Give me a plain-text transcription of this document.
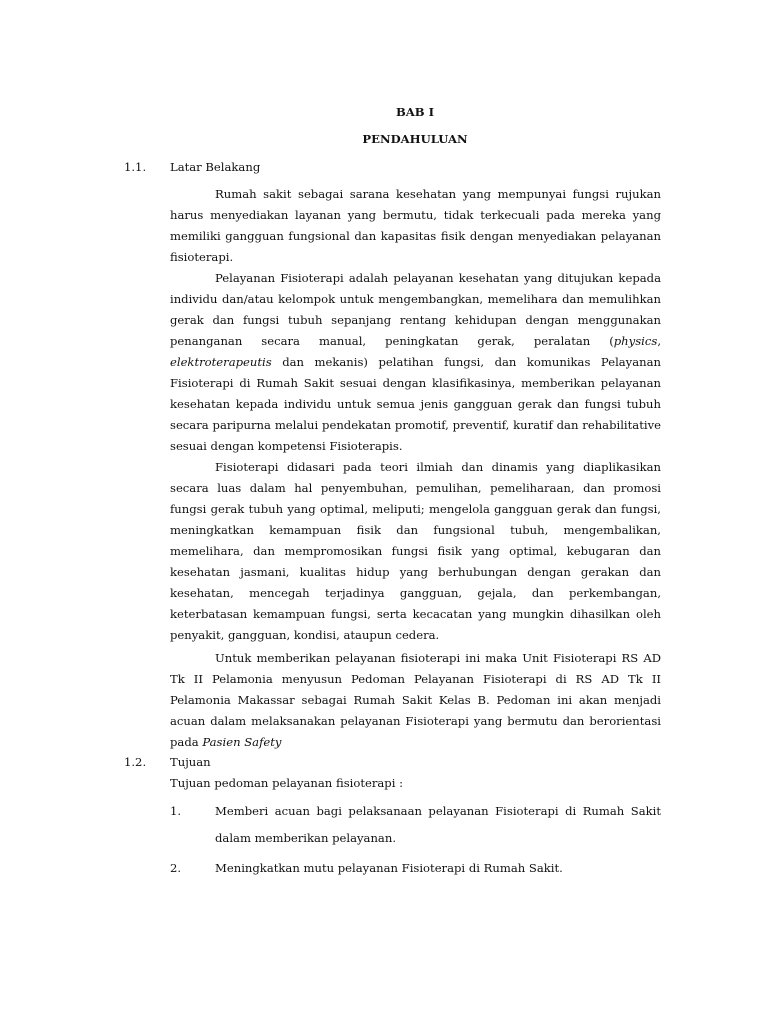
BAB I
PENDAHULUAN
1.1. Latar Belakang

Rumah sakit sebagai sarana kesehatan yang mempunyai fungsi rujukan harus menyediakan layanan yang bermutu, tidak terkecuali pada mereka yang memiliki gangguan fungsional dan kapasitas fisik dengan menyediakan pelayanan fisioterapi.

Pelayanan Fisioterapi adalah pelayanan kesehatan yang ditujukan kepada individu dan/atau kelompok untuk mengembangkan, memelihara dan memulihkan gerak dan fungsi tubuh sepanjang rentang kehidupan dengan menggunakan penanganan secara manual, peningkatan gerak, peralatan (physics, elektroterapeutis dan mekanis) pelatihan fungsi, dan komunikas Pelayanan Fisioterapi di Rumah Sakit sesuai dengan klasifikasinya, memberikan pelayanan kesehatan kepada individu untuk semua jenis gangguan gerak dan fungsi tubuh secara paripurna melalui pendekatan promotif, preventif, kuratif dan rehabilitative sesuai dengan kompetensi Fisioterapis.

Fisioterapi didasari pada teori ilmiah dan dinamis yang diaplikasikan secara luas dalam hal penyembuhan, pemulihan, pemeliharaan, dan promosi fungsi gerak tubuh yang optimal, meliputi; mengelola gangguan gerak dan fungsi, meningkatkan kemampuan fisik dan fungsional tubuh, mengembalikan, memelihara, dan mempromosikan fungsi fisik yang optimal, kebugaran dan kesehatan jasmani, kualitas hidup yang berhubungan dengan gerakan dan kesehatan, mencegah terjadinya gangguan, gejala, dan perkembangan, keterbatasan kemampuan fungsi, serta kecacatan yang mungkin dihasilkan oleh penyakit, gangguan, kondisi, ataupun cedera.

Untuk memberikan pelayanan fisioterapi ini maka Unit Fisioterapi RS AD Tk II Pelamonia menyusun Pedoman Pelayanan Fisioterapi di RS AD Tk II Pelamonia Makassar sebagai Rumah Sakit Kelas B. Pedoman ini akan menjadi acuan dalam melaksanakan pelayanan Fisioterapi yang bermutu dan berorientasi pada Pasien Safety

1.2. Tujuan

Tujuan pedoman pelayanan fisioterapi :

1.	Memberi acuan bagi pelaksanaan pelayanan Fisioterapi di Rumah Sakit dalam memberikan pelayanan.

2.	Meningkatkan mutu pelayanan Fisioterapi di Rumah Sakit.
